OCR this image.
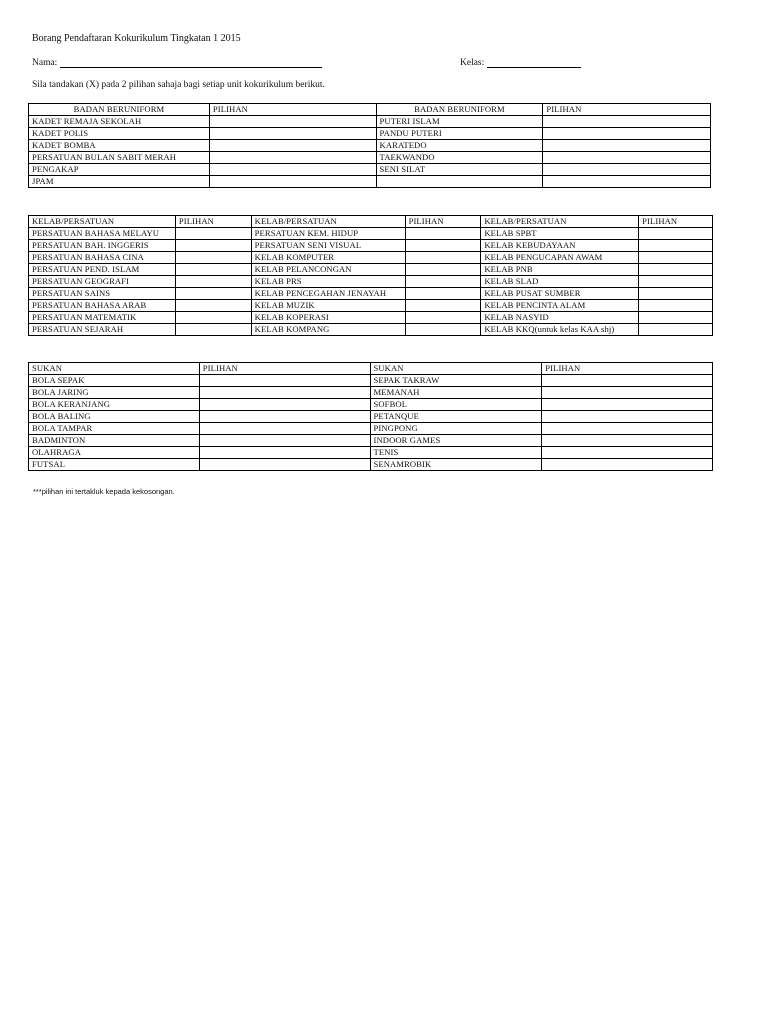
Borang Pendaftaran Kokurikulum Tingkatan 1 2015
Nama:	Kelas:
Sila tandakan (X) pada 2 pilihan sahaja bagi setiap unit kokurikulum berikut.
BADAN BERUNIFORM	PILIHAN	BADAN BERUNIFORM	PILIHAN
KADET REMAJA SEKOLAH		PUTERI ISLAM	
KADET POLIS		PANDU PUTERI	
KADET BOMBA		KARATEDO	
PERSATUAN BULAN SABIT MERAH		TAEKWANDO	
PENGAKAP		SENI SILAT	
JPAM			
KELAB/PERSATUAN	PILIHAN	KELAB/PERSATUAN	PILIHAN	KELAB/PERSATUAN	PILIHAN
PERSATUAN BAHASA MELAYU		PERSATUAN KEM. HIDUP		KELAB SPBT	
PERSATUAN BAH. INGGERIS		PERSATUAN SENI VISUAL		KELAB KEBUDAYAAN	
PERSATUAN BAHASA CINA		KELAB KOMPUTER		KELAB PENGUCAPAN AWAM	
PERSATUAN PEND. ISLAM		KELAB PELANCONGAN		KELAB PNB	
PERSATUAN GEOGRAFI		KELAB PRS		KELAB SLAD	
PERSATUAN SAINS		KELAB PENCEGAHAN JENAYAH		KELAB PUSAT SUMBER	
PERSATUAN BAHASA ARAB		KELAB MUZIK		KELAB PENCINTA ALAM	
PERSATUAN MATEMATIK		KELAB KOPERASI		KELAB NASYID	
PERSATUAN SEJARAH		KELAB KOMPANG		KELAB KKQ(untuk kelas KAA shj)	
SUKAN	PILIHAN	SUKAN	PILIHAN
BOLA SEPAK		SEPAK TAKRAW	
BOLA JARING		MEMANAH	
BOLA KERANJANG		SOFBOL	
BOLA BALING		PETANQUE	
BOLA TAMPAR		PINGPONG	
BADMINTON		INDOOR GAMES	
OLAHRAGA		TENIS	
FUTSAL		SENAMROBIK	
***pilihan ini tertakluk kepada kekosongan.
